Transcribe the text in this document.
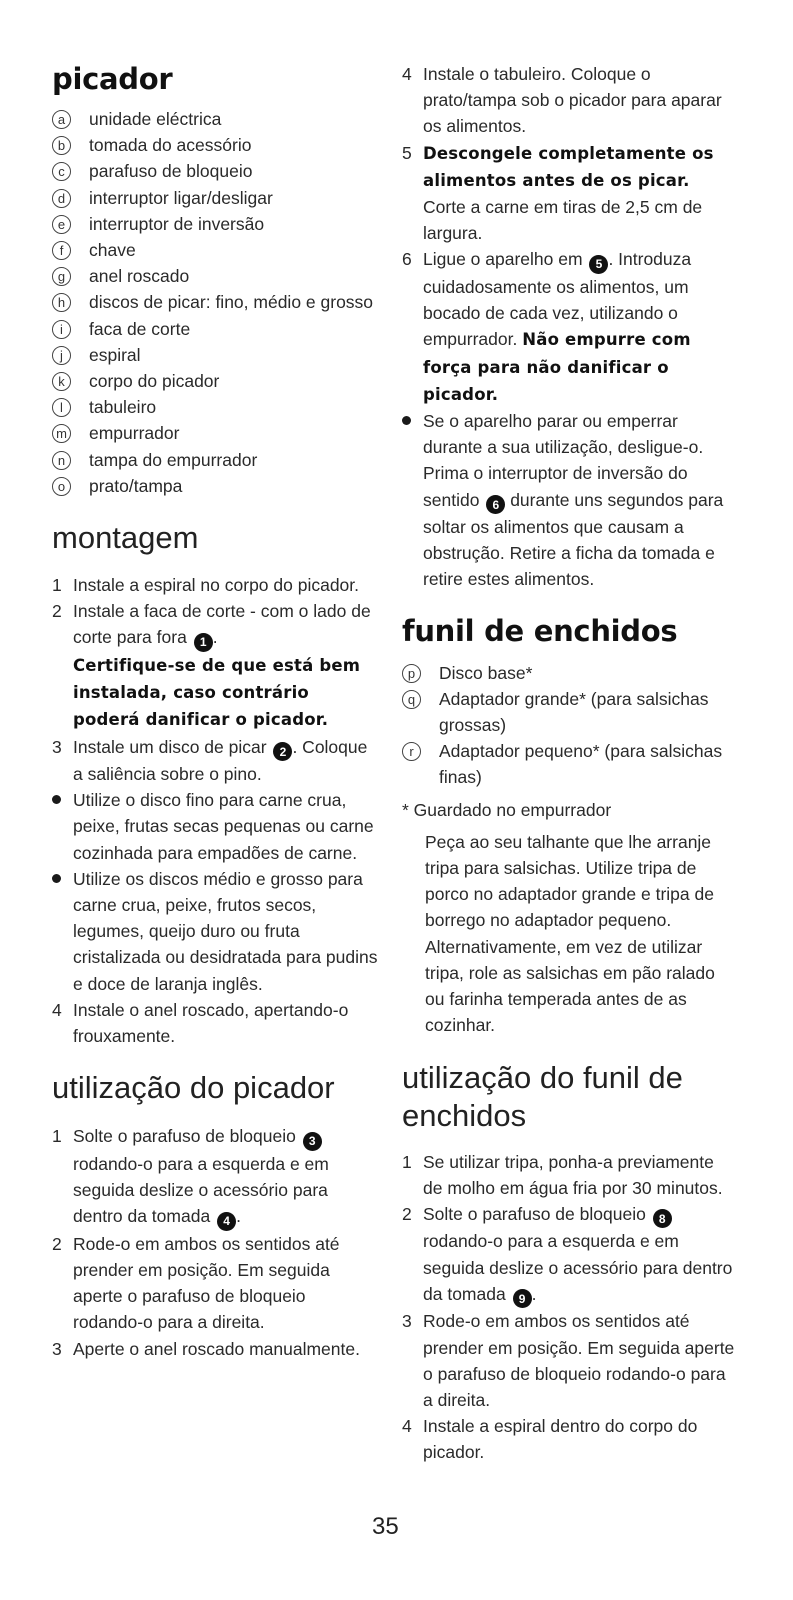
picador
a	unidade eléctrica
b	tomada do acessório
c	parafuso de bloqueio
d	interruptor ligar/desligar
e	interruptor de inversão
f	chave
g	anel roscado
h	discos de picar: fino, médio e grosso
i	faca de corte
j	espiral
k	corpo do picador
l	tabuleiro
m empurrador
n	tampa do empurrador
o	prato/tampa
montagem
1 Instale a espiral no corpo do picador.
2 Instale a faca de corte - com o lado de corte para fora 1 .
Certifique-se de que está bem instalada, caso contrário poderá danificar o picador.
3 Instale um disco de picar 2 . Coloque a saliência sobre o pino.
Utilize o disco fino para carne crua, peixe, frutas secas pequenas ou carne cozinhada para empadões de carne.
Utilize os discos médio e grosso para carne crua, peixe, frutos secos, legumes, queijo duro ou fruta cristalizada ou desidratada para pudins e doce de laranja inglês.
4 Instale o anel roscado, apertando-o frouxamente.
utilização do picador
1 Solte o parafuso de bloqueio 3 rodando-o para a esquerda e em seguida deslize o acessório para dentro da tomada 4 .
2 Rode-o em ambos os sentidos até prender em posição. Em seguida aperte o parafuso de bloqueio rodando-o para a direita.
3 Aperte o anel roscado manualmente.
4 Instale o tabuleiro. Coloque o prato/tampa sob o picador para aparar os alimentos.
5 Descongele completamente os alimentos antes de os picar. Corte a carne em tiras de 2,5 cm de largura.
6 Ligue o aparelho em 5 . Introduza cuidadosamente os alimentos, um bocado de cada vez, utilizando o empurrador. Não empurre com força para não danificar o picador.
Se o aparelho parar ou emperrar durante a sua utilização, desligue-o. Prima o interruptor de inversão do sentido 6 durante uns segundos para soltar os alimentos que causam a obstrução. Retire a ficha da tomada e retire estes alimentos.
funil de enchidos
p	Disco base*
q	Adaptador grande* (para salsichas grossas)
r	Adaptador pequeno* (para salsichas finas)

* Guardado no empurrador

Peça ao seu talhante que lhe arranje tripa para salsichas. Utilize tripa de porco no adaptador grande e tripa de borrego no adaptador pequeno. Alternativamente, em vez de utilizar tripa, role as salsichas em pão ralado ou farinha temperada antes de as cozinhar.

utilização do funil de enchidos
1 Se utilizar tripa, ponha-a previamente de molho em água fria por 30 minutos.
2 Solte o parafuso de bloqueio 8 rodando-o para a esquerda e em seguida deslize o acessório para dentro da tomada 9 .
3 Rode-o em ambos os sentidos até prender em posição. Em seguida aperte o parafuso de bloqueio rodando-o para a direita.
4 Instale a espiral dentro do corpo do picador.
35
